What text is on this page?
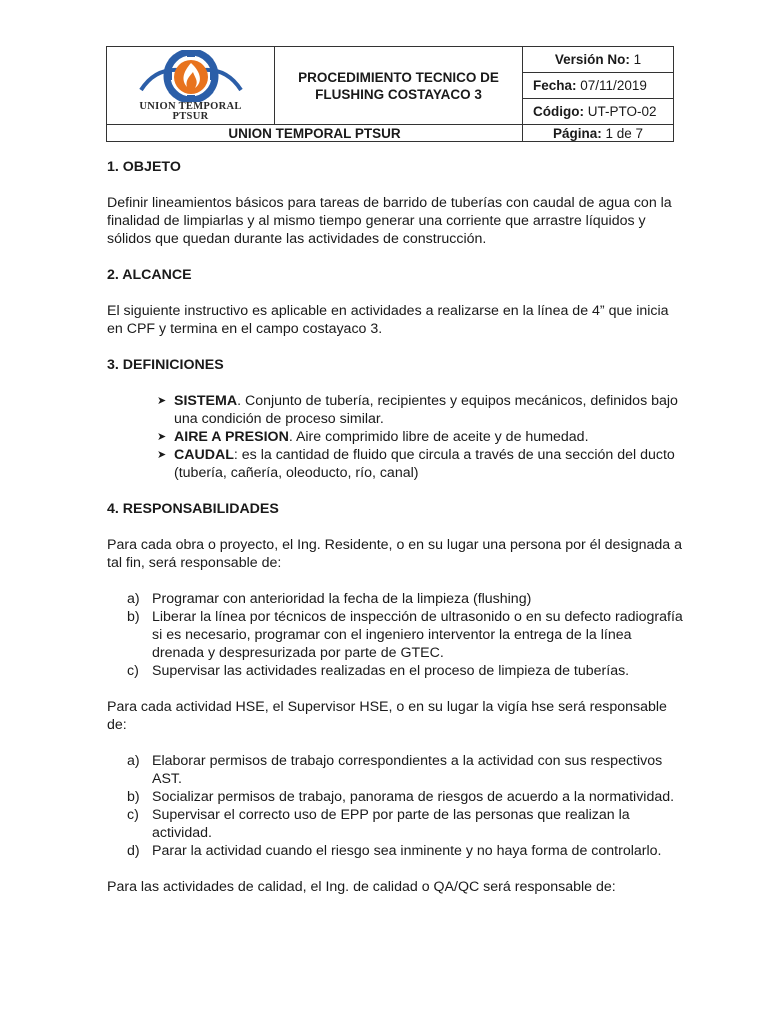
UNION TEMPORAL
PTSUR	PROCEDIMIENTO TECNICO DE FLUSHING COSTAYACO 3	Versión No: 1
		Fecha: 07/11/2019
		Código: UT-PTO-02
UNION TEMPORAL PTSUR		Página: 1 de 7
1. OBJETO

Definir lineamientos básicos para tareas de barrido de tuberías con caudal de agua con la finalidad de limpiarlas y al mismo tiempo generar una corriente que arrastre líquidos y sólidos que quedan durante las actividades de construcción.

2. ALCANCE

El siguiente instructivo es aplicable en actividades a realizarse en la línea de 4” que inicia en CPF y termina en el campo costayaco 3.

3. DEFINICIONES
➤ SISTEMA. Conjunto de tubería, recipientes y equipos mecánicos, definidos bajo una condición de proceso similar.
➤ AIRE A PRESION. Aire comprimido libre de aceite y de humedad.
➤ CAUDAL: es la cantidad de fluido que circula a través de una sección del ducto (tubería, cañería, oleoducto, río, canal)
4. RESPONSABILIDADES

Para cada obra o proyecto, el Ing. Residente, o en su lugar una persona por él designada a tal fin, será responsable de:

a) Programar con anterioridad la fecha de la limpieza (flushing)
b) Liberar la línea por técnicos de inspección de ultrasonido o en su defecto radiografía si es necesario, programar con el ingeniero interventor la entrega de la línea drenada y despresurizada por parte de GTEC.
c) Supervisar las actividades realizadas en el proceso de limpieza de tuberías.

Para cada actividad HSE, el Supervisor HSE, o en su lugar la vigía hse será responsable de:

a) Elaborar permisos de trabajo correspondientes a la actividad con sus respectivos AST.
b) Socializar permisos de trabajo, panorama de riesgos de acuerdo a la normatividad.
c) Supervisar el correcto uso de EPP por parte de las personas que realizan la actividad.
d) Parar la actividad cuando el riesgo sea inminente y no haya forma de controlarlo.

Para las actividades de calidad, el Ing. de calidad o QA/QC será responsable de:
